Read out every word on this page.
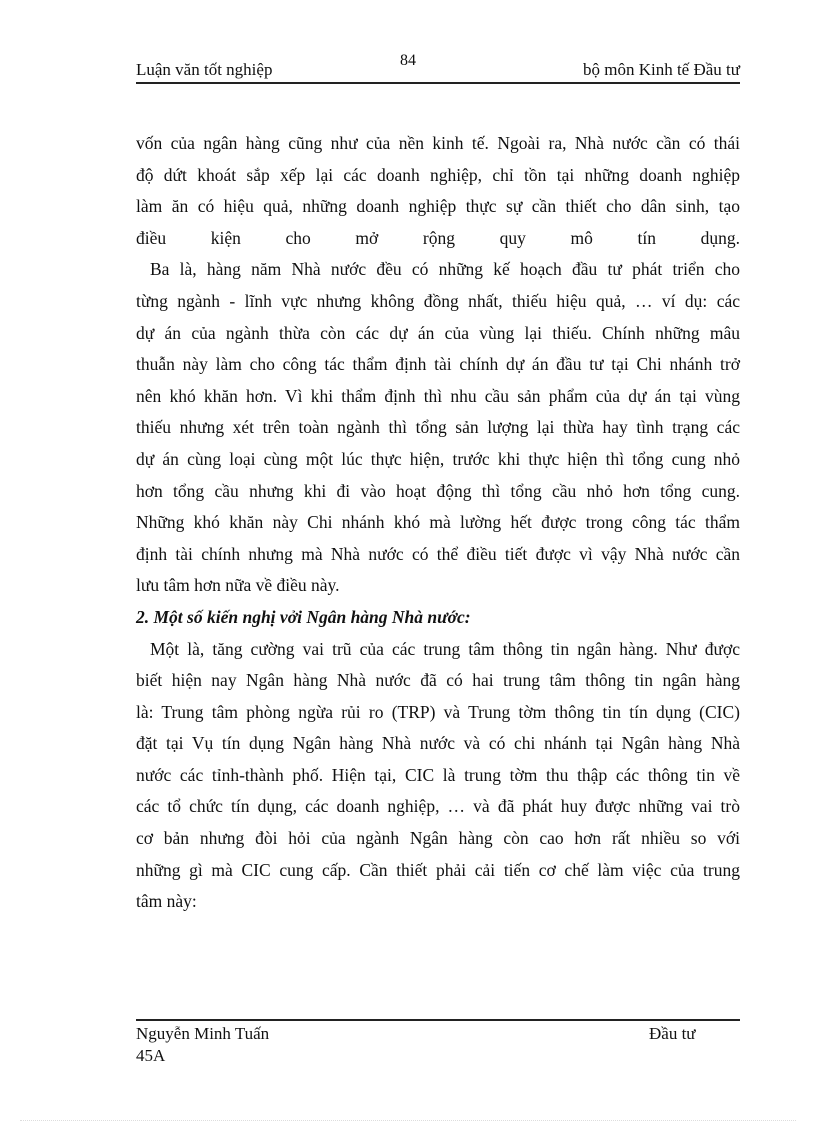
84
Luận văn tốt nghiệp	bộ môn Kinh tế Đầu tư
vốn của ngân hàng cũng như của nền kinh tế. Ngoài ra, Nhà nước cần có thái
độ dứt khoát sắp xếp lại các doanh nghiệp, chỉ tồn tại những doanh nghiệp
làm ăn có hiệu quả, những doanh nghiệp thực sự cần thiết cho dân sinh, tạo
điều kiện cho mở rộng quy mô tín dụng.
Ba là, hàng năm Nhà nước đều có những kế hoạch đầu tư phát triển cho
từng ngành - lĩnh vực nhưng không đồng nhất, thiếu hiệu quả, … ví dụ: các
dự án của ngành thừa còn các dự án của vùng lại thiếu. Chính những mâu
thuẫn này làm cho công tác thẩm định tài chính dự án đầu tư tại Chi nhánh trở
nên khó khăn hơn. Vì khi thẩm định thì nhu cầu sản phẩm của dự án tại vùng
thiếu nhưng xét trên toàn ngành thì tổng sản lượng lại thừa hay tình trạng các
dự án cùng loại cùng một lúc thực hiện, trước khi thực hiện thì tổng cung nhỏ
hơn tổng cầu nhưng khi đi vào hoạt động thì tổng cầu nhỏ hơn tổng cung.
Những khó khăn này Chi nhánh khó mà lường hết được trong công tác thẩm
định tài chính nhưng mà Nhà nước có thể điều tiết được vì vậy Nhà nước cần
lưu tâm hơn nữa về điều này.
2. Một số kiến nghị vởi Ngân hàng Nhà nước:
Một là, tăng cường vai trũ của các trung tâm thông tin ngân hàng. Như được
biết hiện nay Ngân hàng Nhà nước đã có hai trung tâm thông tin ngân hàng
là: Trung tâm phòng ngừa rủi ro (TRP) và Trung tờm thông tin tín dụng (CIC)
đặt tại Vụ tín dụng Ngân hàng Nhà nước và có chi nhánh tại Ngân hàng Nhà
nước các tỉnh-thành phố. Hiện tại, CIC là trung tờm thu thập các thông tin về
các tổ chức tín dụng, các doanh nghiệp, … và đã phát huy được những vai trò
cơ bản nhưng đòi hỏi của ngành Ngân hàng còn cao hơn rất nhiều so với
những gì mà CIC cung cấp. Cần thiết phải cải tiến cơ chế làm việc của trung
tâm này:
Nguyễn Minh Tuấn	Đầu tư
45A
